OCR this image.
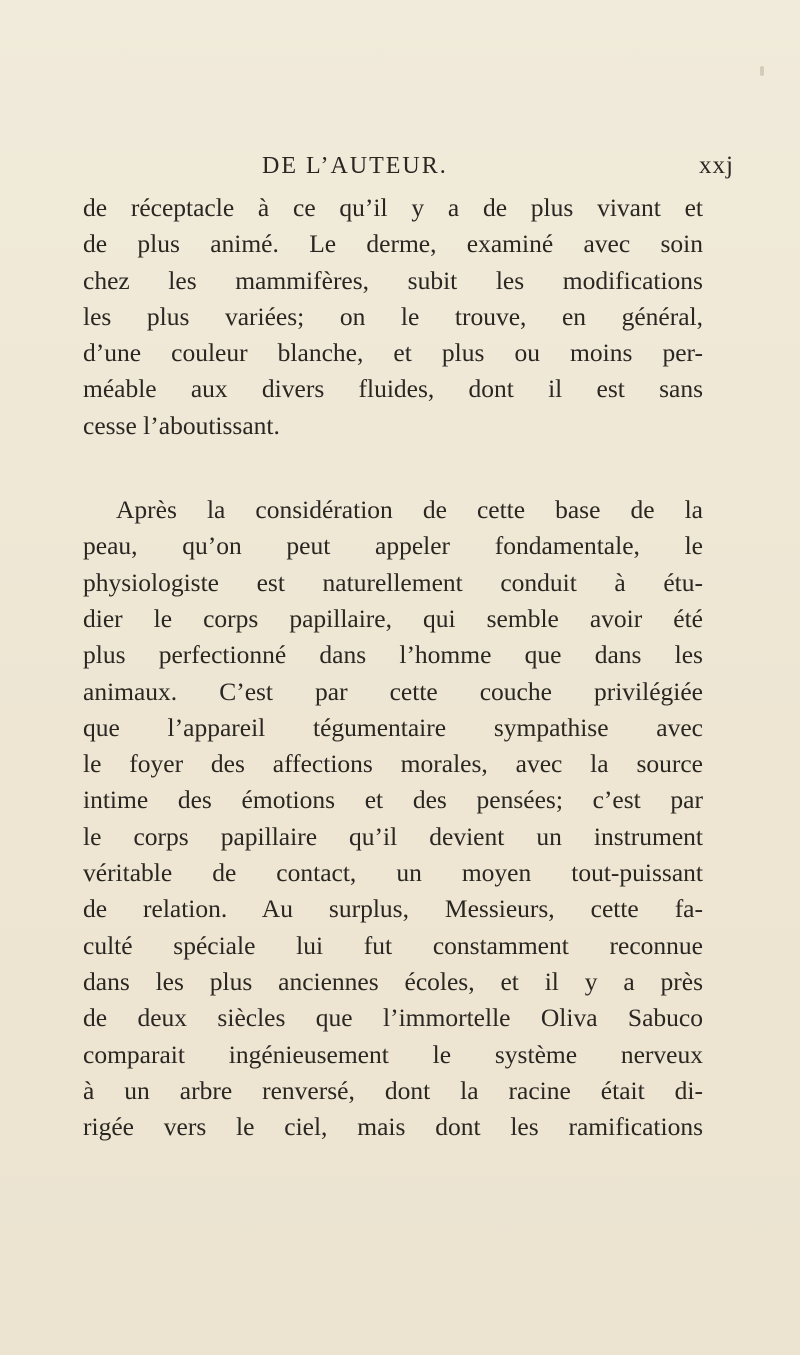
DE L’AUTEUR.	xxj
de réceptacle à ce qu’il y a de plus vivant et
de plus animé. Le derme, examiné avec soin
chez les mammifères, subit les modifications
les plus variées; on le trouve, en général,
d’une couleur blanche, et plus ou moins per-
méable aux divers fluides, dont il est sans
cesse l’aboutissant.
Après la considération de cette base de la
peau, qu’on peut appeler fondamentale, le
physiologiste est naturellement conduit à étu-
dier le corps papillaire, qui semble avoir été
plus perfectionné dans l’homme que dans les
animaux. C’est par cette couche privilégiée
que l’appareil tégumentaire sympathise avec
le foyer des affections morales, avec la source
intime des émotions et des pensées; c’est par
le corps papillaire qu’il devient un instrument
véritable de contact, un moyen tout-puissant
de relation. Au surplus, Messieurs, cette fa-
culté spéciale lui fut constamment reconnue
dans les plus anciennes écoles, et il y a près
de deux siècles que l’immortelle Oliva Sabuco
comparait ingénieusement le système nerveux
à un arbre renversé, dont la racine était di-
rigée vers le ciel, mais dont les ramifications
